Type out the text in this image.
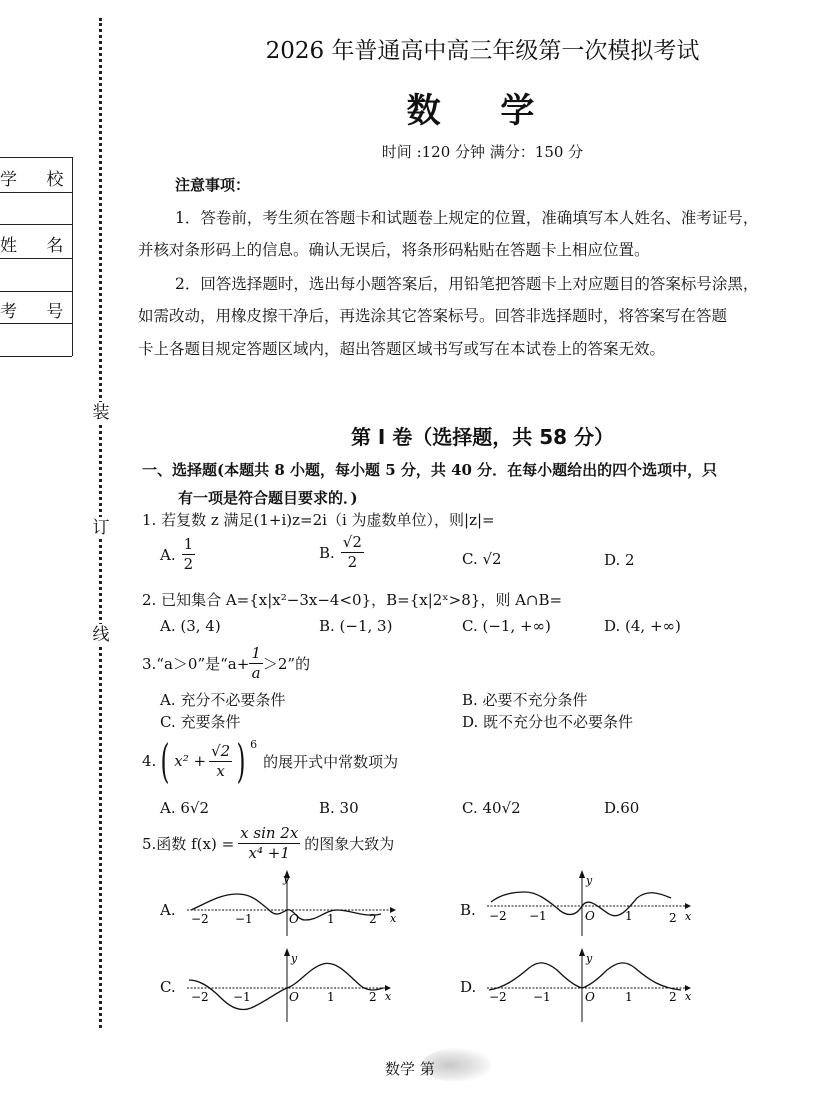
学 校
姓 名
考 号
装
订
线
2026 年普通高中高三年级第一次模拟考试
数 学
时间 :120 分钟 满分：150 分
注意事项：
1．答卷前，考生须在答题卡和试题卷上规定的位置，准确填写本人姓名、准考证号，
并核对条形码上的信息。确认无误后，将条形码粘贴在答题卡上相应位置。
2．回答选择题时，选出每小题答案后，用铅笔把答题卡上对应题目的答案标号涂黑，
如需改动，用橡皮擦干净后，再选涂其它答案标号。回答非选择题时，将答案写在答题
卡上各题目规定答题区域内，超出答题区域书写或写在本试卷上的答案无效。
第 I 卷（选择题，共 58 分）
一、选择题(本题共 8 小题，每小题 5 分，共 40 分．在每小题给出的四个选项中，只
有一项是符合题目要求的．)
1. 若复数 z 满足(1+i)z=2i（i 为虚数单位），则|z|=
A. $\frac{1}{2}$	B. $\frac{√2}{2}$	C. √2	D. 2
2. 已知集合 A={x|x²−3x−4<0}，B={x|2ˣ>8}，则 A∩B=
A. (3, 4)	B. (−1, 3)	C. (−1, +∞)	D. (4, +∞)
3.“a＞0”是“$a+ \frac{1}{a} >2$”的
A. 充分不必要条件	B. 必要不充分条件
C. 充要条件	D. 既不充分也不必要条件
4. ( $x^2 + \frac{√2}{x}$ ) 6
的展开式中常数项为
A. 6√2	B. 30	C. 40√2	D.60
5.函数 $f(x) = \frac{\text{x sin 2x}}{\text{x⁴ +1}}$ 的图象大致为
A.	B.
C.	D.
y
x
−2 −1	O 1	2
y
x
−2 −1	O	1	2
y
x
−2 −1	O 1	2
y
x
−2 −1	O	1	2
数学 第
